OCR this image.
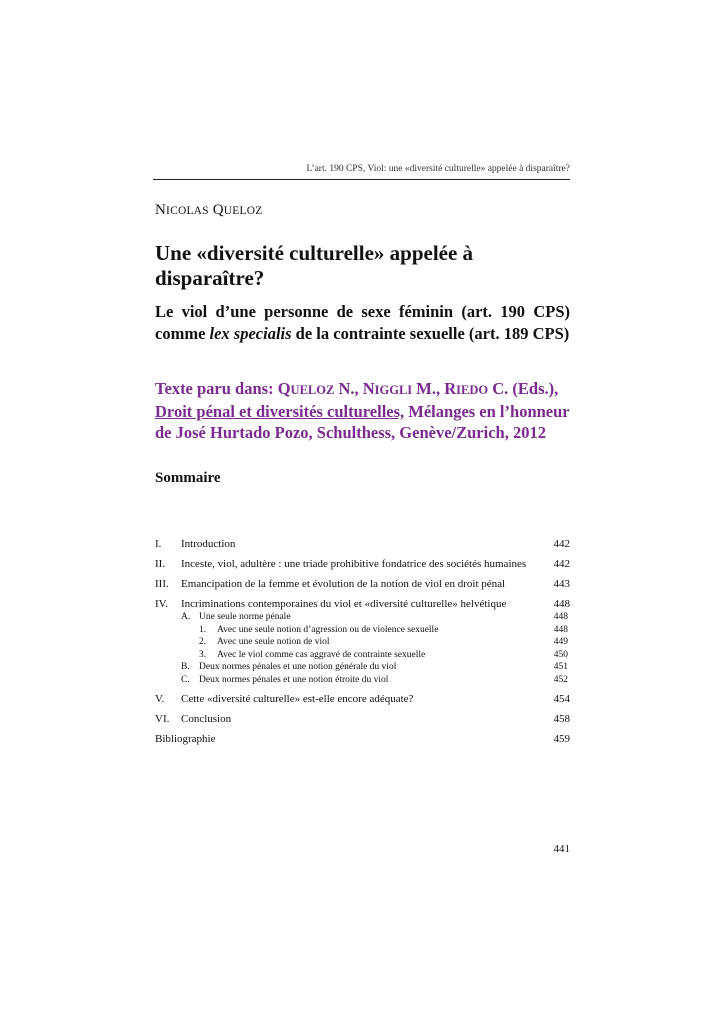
L’art. 190 CPS, Viol: une «diversité culturelle» appelée à disparaître?
NICOLAS QUELOZ
Une «diversité culturelle» appelée à disparaître?
Le viol d’une personne de sexe féminin (art. 190 CPS)
comme lex specialis de la contrainte sexuelle (art. 189 CPS)
Texte paru dans: QUELOZ N., NIGGLI M., RIEDO C. (Eds.),
Droit pénal et diversités culturelles, Mélanges en l’honneur
de José Hurtado Pozo, Schulthess, Genève/Zurich, 2012
Sommaire
I.	Introduction	442
II.	Inceste, viol, adultère : une triade prohibitive fondatrice des sociétés humaines	442
III.	Emancipation de la femme et évolution de la notion de viol en droit pénal	443
IV.	Incriminations contemporaines du viol et «diversité culturelle» helvétique	448
A. Une seule norme pénale	448
1.	Avec une seule notion d’agression ou de violence sexuelle	448
2.	Avec une seule notion de viol	449
3.	Avec le viol comme cas aggravé de contrainte sexuelle	450
B. Deux normes pénales et une notion générale du viol	451
C. Deux normes pénales et une notion étroite du viol	452
V.	Cette «diversité culturelle» est-elle encore adéquate?	454
VI.	Conclusion	458
Bibliographie	459
441
